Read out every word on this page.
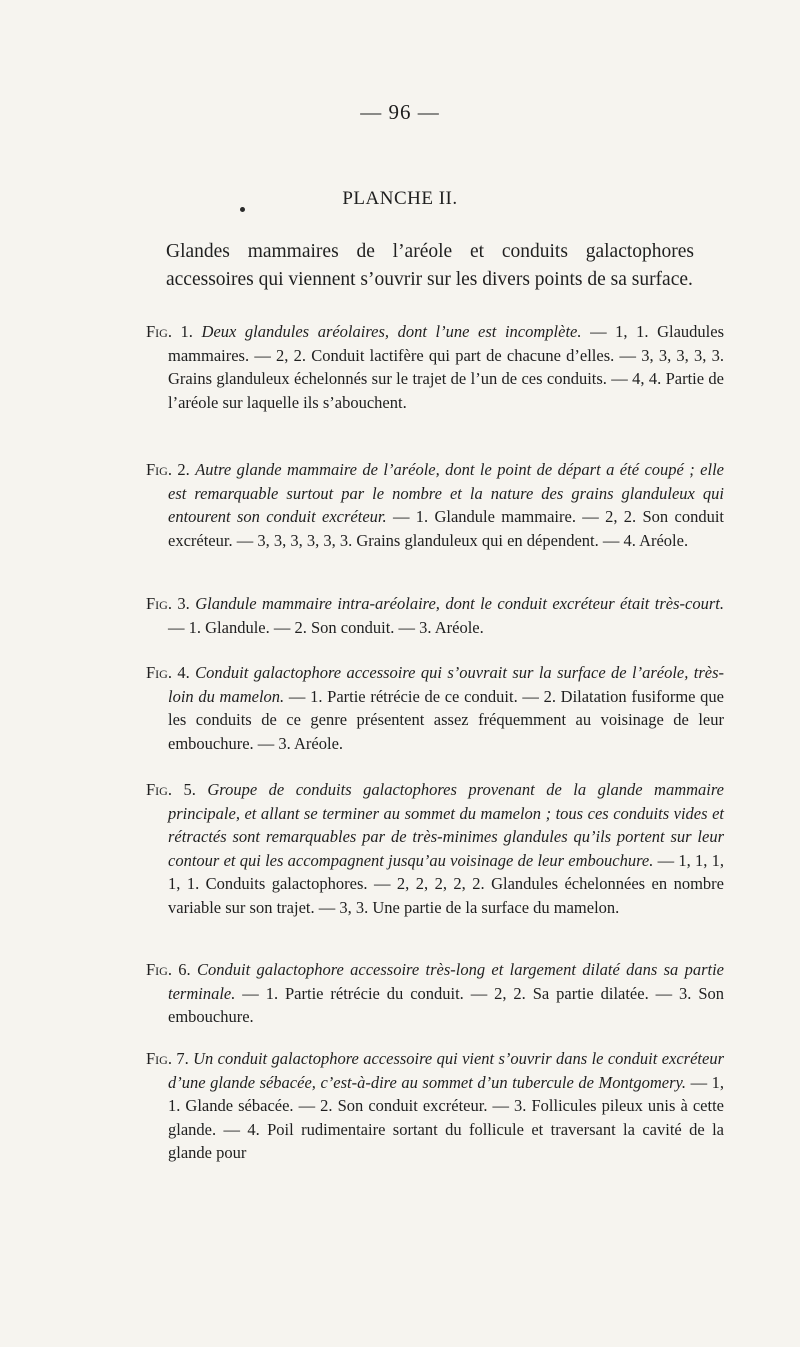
— 96 —
PLANCHE II.
Glandes mammaires de l’aréole et conduits galactophores accessoires qui viennent s’ouvrir sur les divers points de sa surface.
Fig. 1. Deux glandules aréolaires, dont l’une est incomplète. — 1, 1. Glaudules mammaires. — 2, 2. Conduit lactifère qui part de chacune d’elles. — 3, 3, 3, 3, 3. Grains glanduleux échelonnés sur le trajet de l’un de ces conduits. — 4, 4. Partie de l’aréole sur laquelle ils s’abouchent.
Fig. 2. Autre glande mammaire de l’aréole, dont le point de départ a été coupé ; elle est remarquable surtout par le nombre et la nature des grains glanduleux qui entourent son conduit excréteur. — 1. Glandule mammaire. — 2, 2. Son conduit excréteur. — 3, 3, 3, 3, 3, 3. Grains glanduleux qui en dépendent. — 4. Aréole.
Fig. 3. Glandule mammaire intra-aréolaire, dont le conduit excréteur était très-court. — 1. Glandule. — 2. Son conduit. — 3. Aréole.
Fig. 4. Conduit galactophore accessoire qui s’ouvrait sur la surface de l’aréole, très-loin du mamelon. — 1. Partie rétrécie de ce conduit. — 2. Dilatation fusiforme que les conduits de ce genre présentent assez fréquemment au voisinage de leur embouchure. — 3. Aréole.
Fig. 5. Groupe de conduits galactophores provenant de la glande mammaire principale, et allant se terminer au sommet du mamelon ; tous ces conduits vides et rétractés sont remarquables par de très-minimes glandules qu’ils portent sur leur contour et qui les accompagnent jusqu’au voisinage de leur embouchure. — 1, 1, 1, 1, 1. Conduits galactophores. — 2, 2, 2, 2, 2. Glandules échelonnées en nombre variable sur son trajet. — 3, 3. Une partie de la surface du mamelon.
Fig. 6. Conduit galactophore accessoire très-long et largement dilaté dans sa partie terminale. — 1. Partie rétrécie du conduit. — 2, 2. Sa partie dilatée. — 3. Son embouchure.
Fig. 7. Un conduit galactophore accessoire qui vient s’ouvrir dans le conduit excréteur d’une glande sébacée, c’est-à-dire au sommet d’un tubercule de Montgomery. — 1, 1. Glande sébacée. — 2. Son conduit excréteur. — 3. Follicules pileux unis à cette glande. — 4. Poil rudimentaire sortant du follicule et traversant la cavité de la glande pour
